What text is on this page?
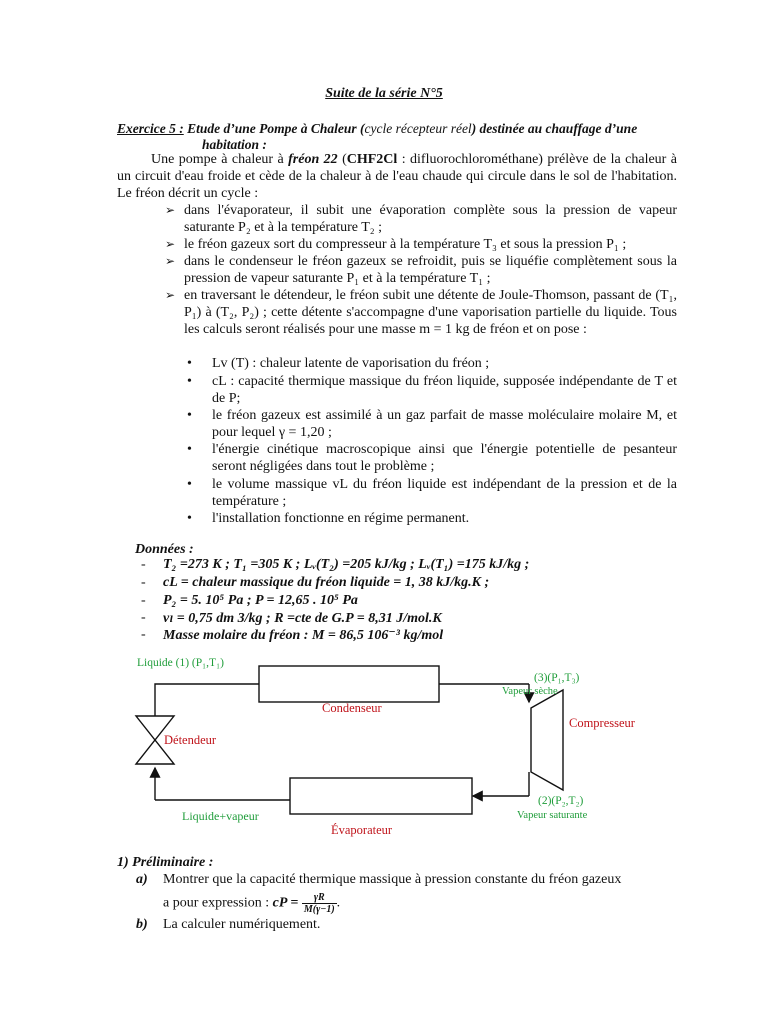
Suite de la série N°5
Exercice 5 : Etude d’une Pompe à Chaleur (cycle récepteur réel) destinée au chauffage d’une
habitation :
Une pompe à chaleur à fréon 22 (CHF2Cl : difluorochlorométhane) prélève de la chaleur à un circuit d'eau froide et cède de la chaleur à de l'eau chaude qui circule dans le sol de l'habitation. Le fréon décrit un cycle :
➢ dans l'évaporateur, il subit une évaporation complète sous la pression de vapeur saturante P₂ et à la température T₂ ;
➢ le fréon gazeux sort du compresseur à la température T₃ et sous la pression P₁ ;
➢ dans le condenseur le fréon gazeux se refroidit, puis se liquéfie complètement sous la pression de vapeur saturante P₁ et à la température T₁ ;
➢ en traversant le détendeur, le fréon subit une détente de Joule-Thomson, passant de (T₁, P₁) à (T₂, P₂) ; cette détente s'accompagne d'une vaporisation partielle du liquide. Tous les calculs seront réalisés pour une masse m = 1 kg de fréon et on pose :
• Lv (T) : chaleur latente de vaporisation du fréon ;
• cL : capacité thermique massique du fréon liquide, supposée indépendante de T et de P;
• le fréon gazeux est assimilé à un gaz parfait de masse moléculaire molaire M, et pour lequel γ = 1,20 ;
• l'énergie cinétique macroscopique ainsi que l'énergie potentielle de pesanteur seront négligées dans tout le problème ;
• le volume massique vL du fréon liquide est indépendant de la pression et de la température ;
• l'installation fonctionne en régime permanent.
Données :
- T₂ =273 K ; T₁ =305 K ; Lᵥ(T₂) =205 kJ/kg ; Lᵥ(T₁) =175 kJ/kg ;
- cL = chaleur massique du fréon liquide = 1, 38 kJ/kg.K ;
- P₂ = 5. 10⁵ Pa ; P = 12,65 . 10⁵ Pa
- vₗ = 0,75 dm 3/kg ; R =cte de G.P = 8,31 J/mol.K
- Masse molaire du fréon : M = 86,5 106⁻³ kg/mol
Liquide (1) (P₁,T₁)
Condenseur
Détendeur
(3)(P₁,T₃)
Vapeur sèche
Compresseur
(2)(P₂,T₂)
Vapeur saturante
Liquide+vapeur
Évaporateur
1) Préliminaire :
a) Montrer que la capacité thermique massique à pression constante du fréon gazeux
a pour expression : cP = $\frac{\gamma R}{M(\gamma-1)}$ .
b) La calculer numériquement.
